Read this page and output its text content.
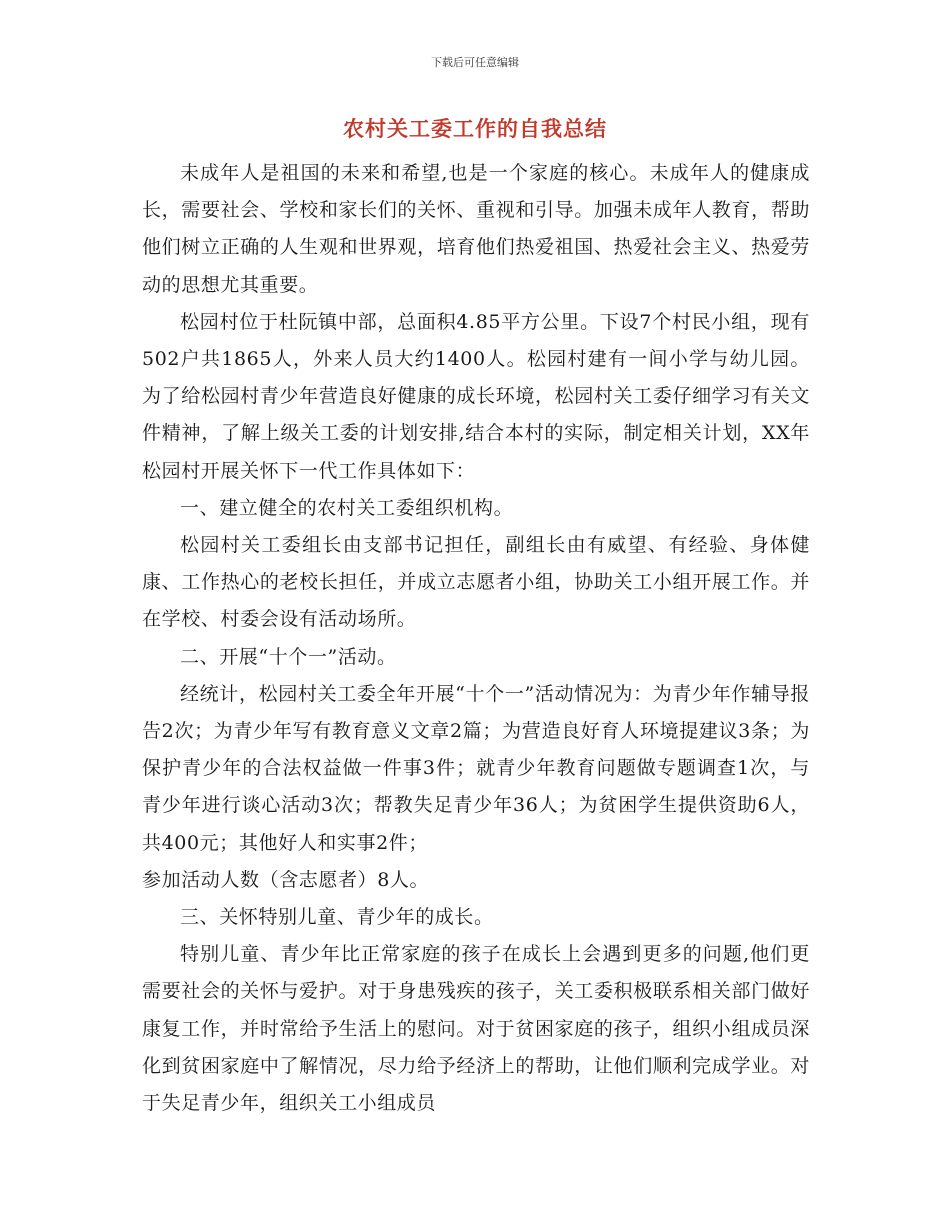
下载后可任意编辑
农村关工委工作的自我总结

未成年人是祖国的未来和希望,也是一个家庭的核心。未成年人的健康成长，需要社会、学校和家长们的关怀、重视和引导。加强未成年人教育，帮助他们树立正确的人生观和世界观，培育他们热爱祖国、热爱社会主义、热爱劳动的思想尤其重要。

松园村位于杜阮镇中部，总面积4.85平方公里。下设7个村民小组，现有502户共1865人，外来人员大约1400人。松园村建有一间小学与幼儿园。为了给松园村青少年营造良好健康的成长环境，松园村关工委仔细学习有关文件精神，了解上级关工委的计划安排,结合本村的实际，制定相关计划，XX年松园村开展关怀下一代工作具体如下：

一、建立健全的农村关工委组织机构。

松园村关工委组长由支部书记担任，副组长由有威望、有经验、身体健康、工作热心的老校长担任，并成立志愿者小组，协助关工小组开展工作。并在学校、村委会设有活动场所。

二、开展“十个一”活动。

经统计，松园村关工委全年开展“十个一”活动情况为：为青少年作辅导报告2次；为青少年写有教育意义文章2篇；为营造良好育人环境提建议3条；为保护青少年的合法权益做一件事3件；就青少年教育问题做专题调查1次，与青少年进行谈心活动3次；帮教失足青少年36人；为贫困学生提供资助6人，共400元；其他好人和实事2件；

参加活动人数（含志愿者）8人。

三、关怀特别儿童、青少年的成长。

特别儿童、青少年比正常家庭的孩子在成长上会遇到更多的问题,他们更需要社会的关怀与爱护。对于身患残疾的孩子，关工委积极联系相关部门做好康复工作，并时常给予生活上的慰问。对于贫困家庭的孩子，组织小组成员深化到贫困家庭中了解情况，尽力给予经济上的帮助，让他们顺利完成学业。对于失足青少年，组织关工小组成员
